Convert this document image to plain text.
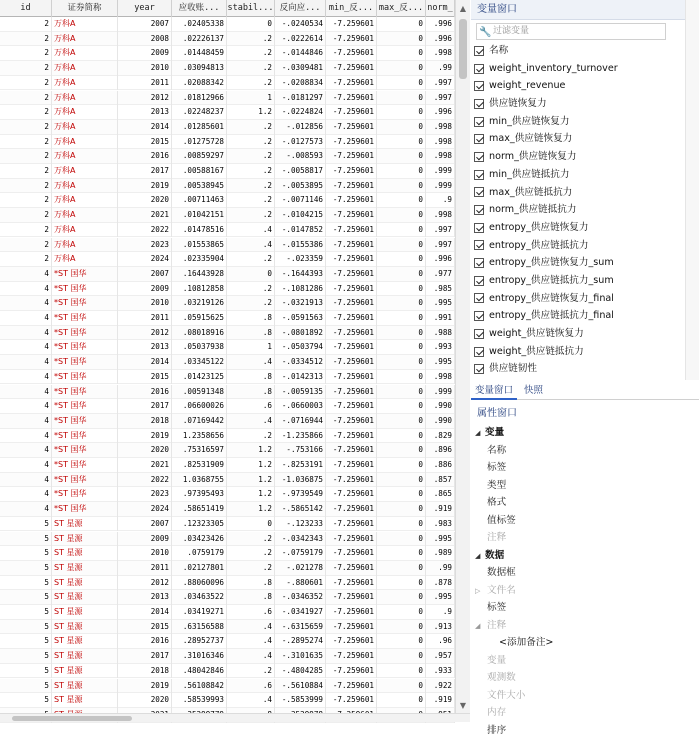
id	证券简称	year	应收账... stabil... 反向应... min_反... max_反... norm_
2 万科A	2007	.02405338	0	-.0240534	-7.259601	0	.996
2 万科A	2008	.02226137	.2	-.0222614	-7.259601	0	.996
2 万科A	2009	.01448459	.2	-.0144846	-7.259601	0	.998
2 万科A	2010	.03094813	.2	-.0309481	-7.259601	0	.99
2 万科A	2011	.02088342	.2	-.0208834	-7.259601	0	.997
2 万科A	2012	.01812966	1	-.0181297	-7.259601	0	.997
2 万科A	2013	.02248237	1.2	-.0224824	-7.259601	0	.996
2 万科A	2014	.01285601	.2	-.012856	-7.259601	0	.998
2 万科A	2015	.01275728	.2	-.0127573	-7.259601	0	.998
2 万科A	2016	.00859297	.2	-.008593	-7.259601	0	.998
2 万科A	2017	.00588167	.2	-.0058817	-7.259601	0	.999
2 万科A	2019	.00538945	.2	-.0053895	-7.259601	0	.999
2 万科A	2020	.00711463	.2	-.0071146	-7.259601	0	.9
2 万科A	2021	.01042151	.2	-.0104215	-7.259601	0	.998
2 万科A	2022	.01478516	.4	-.0147852	-7.259601	0	.997
2 万科A	2023	.01553865	.4	-.0155386	-7.259601	0	.997
2 万科A	2024	.02335904	.2	-.023359	-7.259601	0	.996
4 *ST 国华	2007	.16443928	0	-.1644393	-7.259601	0	.977
4 *ST 国华	2009	.10812858	.2	-.1081286	-7.259601	0	.985
4 *ST 国华	2010	.03219126	.2	-.0321913	-7.259601	0	.995
4 *ST 国华	2011	.05915625	.8	-.0591563	-7.259601	0	.991
4 *ST 国华	2012	.08018916	.8	-.0801892	-7.259601	0	.988
4 *ST 国华	2013	.05037938	1	-.0503794	-7.259601	0	.993
4 *ST 国华	2014	.03345122	.4	-.0334512	-7.259601	0	.995
4 *ST 国华	2015	.01423125	.8	-.0142313	-7.259601	0	.998
4 *ST 国华	2016	.00591348	.8	-.0059135	-7.259601	0	.999
4 *ST 国华	2017	.06600026	.6	-.0660003	-7.259601	0	.990
4 *ST 国华	2018	.07169442	.4	-.0716944	-7.259601	0	.990
4 *ST 国华	2019	1.2358656	.2	-1.235866	-7.259601	0	.829
4 *ST 国华	2020	.75316597	1.2	-.753166	-7.259601	0	.896
4 *ST 国华	2021	.82531909	1.2	-.8253191	-7.259601	0	.886
4 *ST 国华	2022	1.0368755	1.2	-1.036875	-7.259601	0	.857
4 *ST 国华	2023	.97395493	1.2	-.9739549	-7.259601	0	.865
4 *ST 国华	2024	.58651419	1.2	-.5865142	-7.259601	0	.919
5 ST 星源	2007	.12323305	0	-.123233	-7.259601	0	.983
5 ST 星源	2009	.03423426	.2	-.0342343	-7.259601	0	.995
5 ST 星源	2010	.0759179	.2	-.0759179	-7.259601	0	.989
5 ST 星源	2011	.02127801	.2	-.021278	-7.259601	0	.99
5 ST 星源	2012	.88060096	.8	-.880601	-7.259601	0	.878
5 ST 星源	2013	.03463522	.8	-.0346352	-7.259601	0	.995
5 ST 星源	2014	.03419271	.6	-.0341927	-7.259601	0	.9
5 ST 星源	2015	.63156588	.4	-.6315659	-7.259601	0	.913
5 ST 星源	2016	.28952737	.4	-.2895274	-7.259601	0	.96
5 ST 星源	2017	.31016346	.4	-.3101635	-7.259601	0	.957
5 ST 星源	2018	.48042846	.2	-.4804285	-7.259601	0	.933
5 ST 星源	2019	.56108842	.6	-.5610884	-7.259601	0	.922
5 ST 星源	2020	.58539993	.4	-.5853999	-7.259601	0	.919
▲
▼
变量窗口
🔧 过滤变量
名称
weight_inventory_turnover
weight_revenue
供应链恢复力
min_供应链恢复力
max_供应链恢复力
norm_供应链恢复力
min_供应链抵抗力
max_供应链抵抗力
norm_供应链抵抗力
entropy_供应链恢复力
entropy_供应链抵抗力
entropy_供应链恢复力_sum
entropy_供应链抵抗力_sum
entropy_供应链恢复力_final
entropy_供应链抵抗力_final
weight_供应链恢复力
weight_供应链抵抗力
供应链韧性
变量窗口 快照
属性窗口
◢ 变量
名称
标签
类型
格式
值标签
注释
◢ 数据
数据框
▷ 文件名
标签
◢ 注释
<添加备注>
变量
观测数
文件大小
内存
排序
